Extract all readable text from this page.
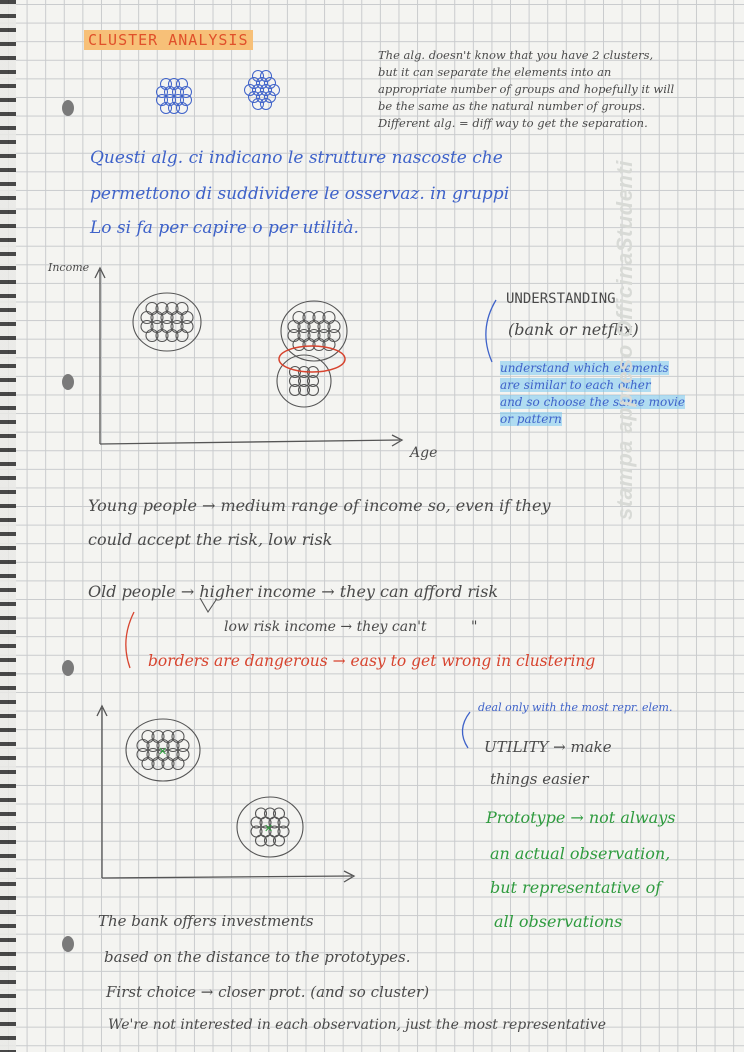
CLUSTER ANALYSIS
✕
✕
The alg. doesn't know that you have 2 clusters,
but it can separate the elements into an
appropriate number of groups and hopefully it will
be the same as the natural number of groups.
Different alg. = diff way to get the separation.
Questi alg. ci indicano le strutture nascoste che
permettono di suddividere le osservaz. in gruppi
Lo si fa per capire o per utilità.
Income
Age
UNDERSTANDING
(bank or netflix)
understand which elements
are similar to each other
and so choose the same movie
or pattern
Young people → medium range of income so, even if they
could accept the risk, low risk
Old people → higher income → they can afford risk
low risk income → they can't          "
borders are dangerous → easy to get wrong in clustering
deal only with the most repr. elem.
UTILITY → make
things easier
Prototype → not always
an actual observation,
but representative of
all observations
The bank offers investments
based on the distance to the prototypes.
First choice → closer prot. (and so cluster)
We're not interested in each observation, just the most representative
stampa appreso OfficinaStudenti
